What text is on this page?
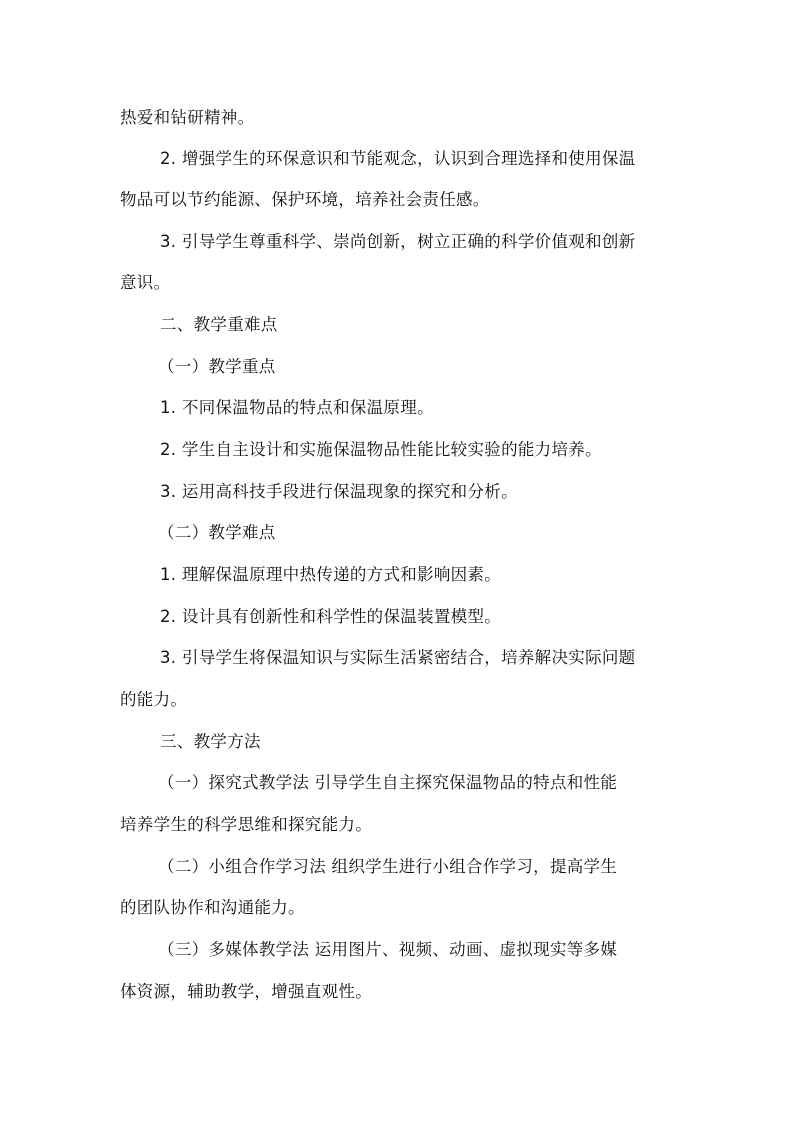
热爱和钻研精神。
2. 增强学生的环保意识和节能观念，认识到合理选择和使用保温
物品可以节约能源、保护环境，培养社会责任感。
3. 引导学生尊重科学、崇尚创新，树立正确的科学价值观和创新
意识。
二、教学重难点
（一）教学重点
1. 不同保温物品的特点和保温原理。
2. 学生自主设计和实施保温物品性能比较实验的能力培养。
3. 运用高科技手段进行保温现象的探究和分析。
（二）教学难点
1. 理解保温原理中热传递的方式和影响因素。
2. 设计具有创新性和科学性的保温装置模型。
3. 引导学生将保温知识与实际生活紧密结合，培养解决实际问题
的能力。
三、教学方法
（一）探究式教学法 引导学生自主探究保温物品的特点和性能
培养学生的科学思维和探究能力。
（二）小组合作学习法 组织学生进行小组合作学习，提高学生
的团队协作和沟通能力。
（三）多媒体教学法 运用图片、视频、动画、虚拟现实等多媒
体资源，辅助教学，增强直观性。
